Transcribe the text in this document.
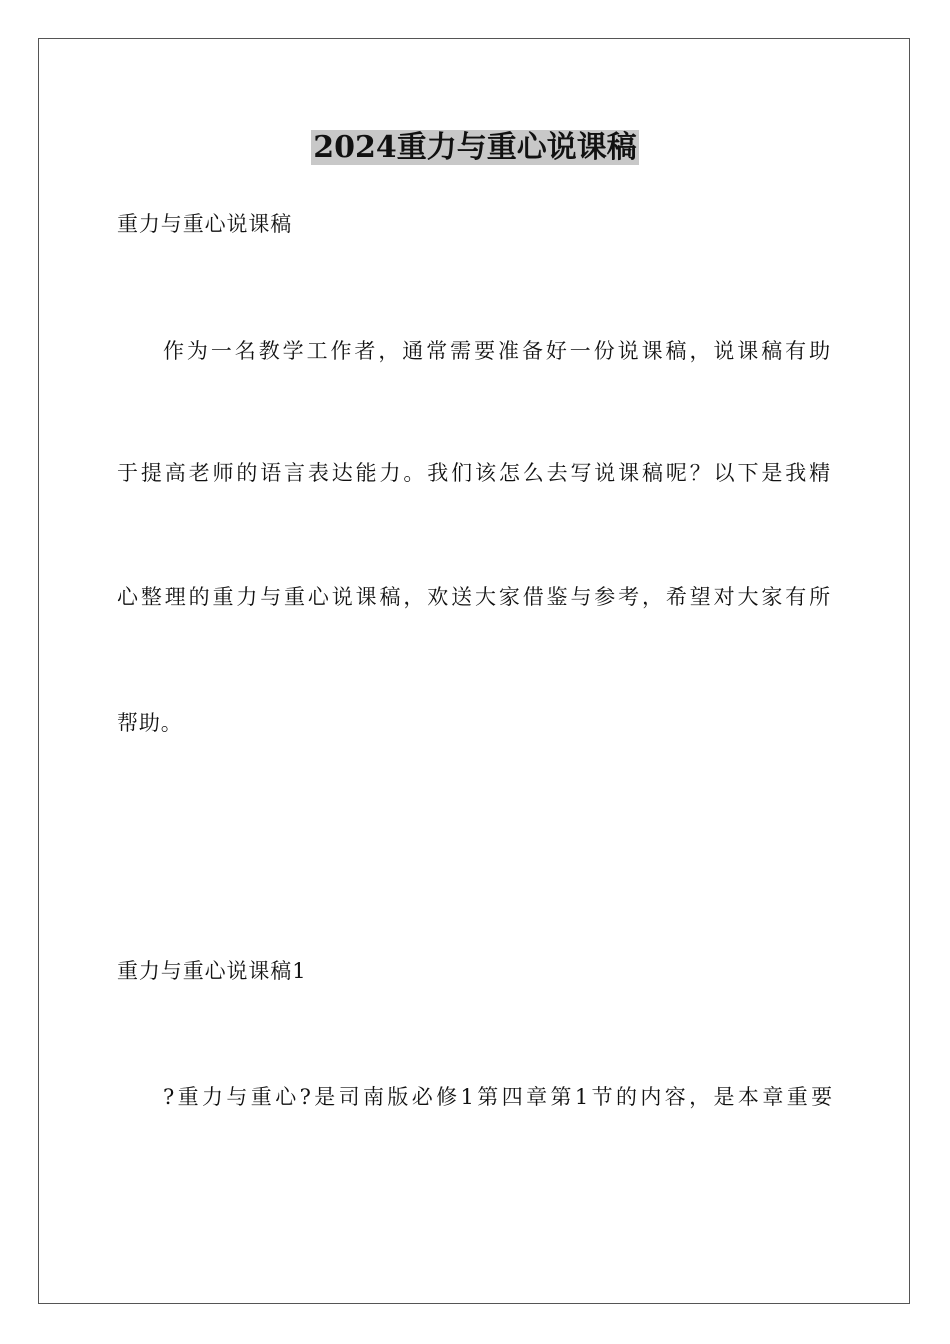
2024重力与重心说课稿

重力与重心说课稿

作为一名教学工作者，通常需要准备好一份说课稿，说课稿有助

于提高老师的语言表达能力。我们该怎么去写说课稿呢？以下是我精

心整理的重力与重心说课稿，欢送大家借鉴与参考，希望对大家有所

帮助。

重力与重心说课稿1

?重力与重心?是司南版必修1第四章第1节的内容，是本章重要
